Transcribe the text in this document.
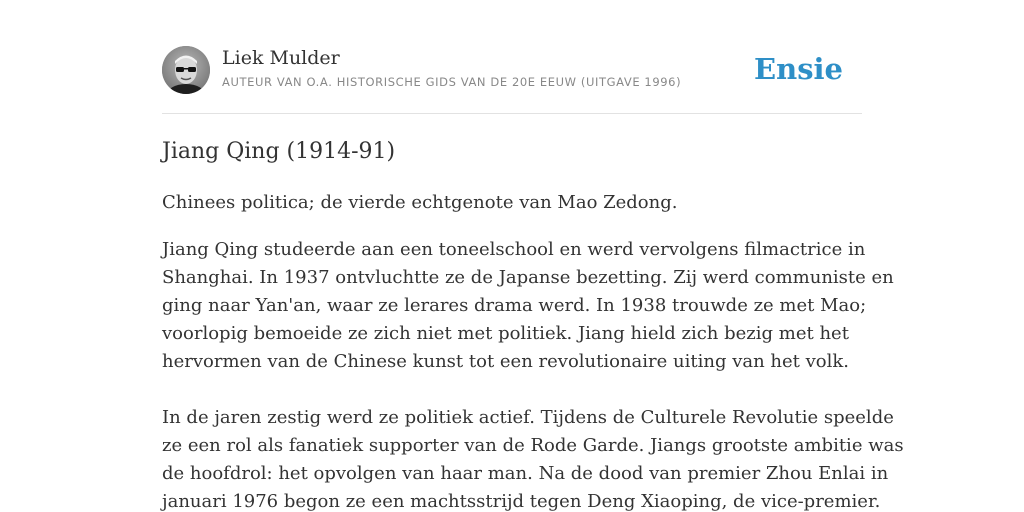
Liek Mulder
AUTEUR VAN O.A. HISTORISCHE GIDS VAN DE 20E EEUW (UITGAVE 1996)	Ensie
Jiang Qing (1914-91)

Chinees politica; de vierde echtgenote van Mao Zedong.

Jiang Qing studeerde aan een toneelschool en werd vervolgens filmactrice in

Shanghai. In 1937 ontvluchtte ze de Japanse bezetting. Zij werd communiste en

ging naar Yan'an, waar ze lerares drama werd. In 1938 trouwde ze met Mao;

voorlopig bemoeide ze zich niet met politiek. Jiang hield zich bezig met het

hervormen van de Chinese kunst tot een revolutionaire uiting van het volk.

In de jaren zestig werd ze politiek actief. Tijdens de Culturele Revolutie speelde

ze een rol als fanatiek supporter van de Rode Garde. Jiangs grootste ambitie was

de hoofdrol: het opvolgen van haar man. Na de dood van premier Zhou Enlai in

januari 1976 begon ze een machtsstrijd tegen Deng Xiaoping, de vice-premier.
